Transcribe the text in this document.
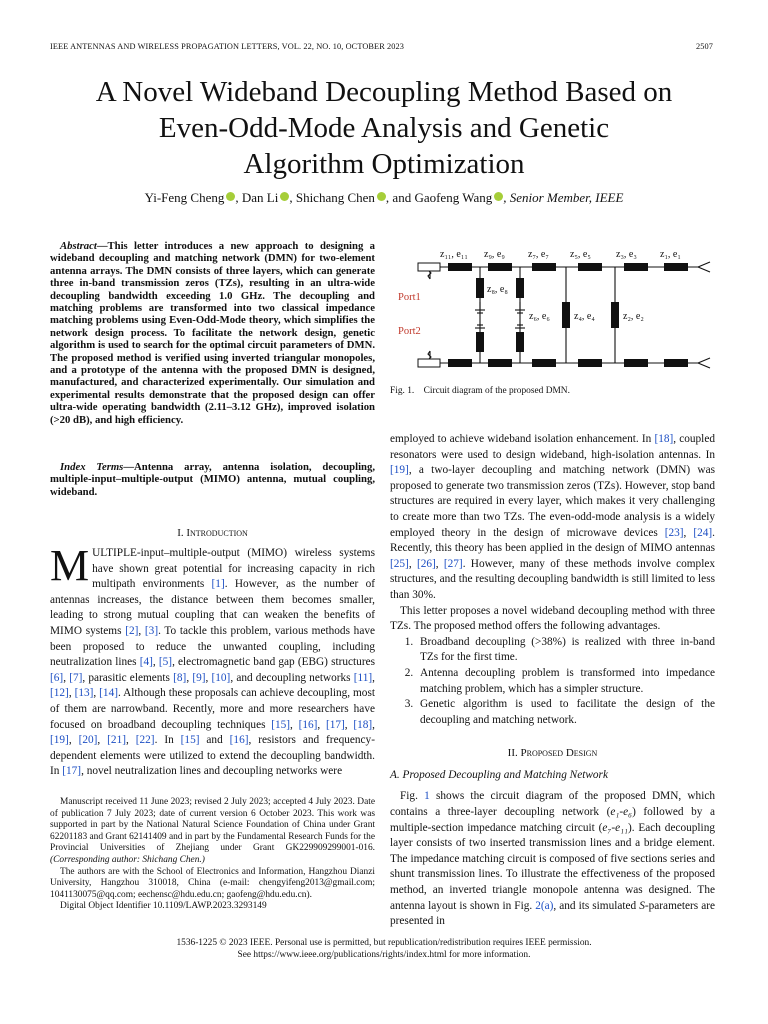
IEEE ANTENNAS AND WIRELESS PROPAGATION LETTERS, VOL. 22, NO. 10, OCTOBER 2023	2507
A Novel Wideband Decoupling Method Based on
Even-Odd-Mode Analysis and Genetic
Algorithm Optimization
Yi-Feng Cheng , Dan Li , Shichang Chen , and Gaofeng Wang , Senior Member, IEEE
Abstract—This letter introduces a new approach to designing a wideband decoupling and matching network (DMN) for two-element antenna arrays. The DMN consists of three layers, which can generate three in-band transmission zeros (TZs), resulting in an ultra-wide decoupling bandwidth exceeding 1.0 GHz. The decoupling and matching problems are transformed into two classical impedance matching problems using Even-Odd-Mode theory, which simplifies the network design process. To facilitate the network design, genetic algorithm is used to search for the optimal circuit parameters of DMN. The proposed method is verified using inverted triangular monopoles, and a prototype of the antenna with the proposed DMN is designed, manufactured, and characterized experimentally. Our simulation and experimental results demonstrate that the proposed design can offer ultra-wide operating bandwidth (2.11–3.12 GHz), improved isolation (>20 dB), and high efficiency.
Index Terms—Antenna array, antenna isolation, decoupling, multiple-input–multiple-output (MIMO) antenna, mutual coupling, wideband.
I. Introduction
MULTIPLE-input–multiple-output (MIMO) wireless systems have shown great potential for increasing capacity in rich multipath environments [1]. However, as the number of antennas increases, the distance between them becomes smaller, leading to strong mutual coupling that can weaken the benefits of MIMO systems [2], [3]. To tackle this problem, various methods have been proposed to reduce the unwanted coupling, including neutralization lines [4], [5], electromagnetic band gap (EBG) structures [6], [7], parasitic elements [8], [9], [10], and decoupling networks [11], [12], [13], [14]. Although these proposals can achieve decoupling, most of them are narrowband. Recently, more and more researchers have focused on broadband decoupling techniques [15], [16], [17], [18], [19], [20], [21], [22]. In [15] and [16], resistors and frequency-dependent elements were utilized to extend the decoupling bandwidth. In [17], novel neutralization lines and decoupling networks were
Manuscript received 11 June 2023; revised 2 July 2023; accepted 4 July 2023. Date of publication 7 July 2023; date of current version 6 October 2023. This work was supported in part by the National Natural Science Foundation of China under Grant 62201183 and Grant 62141409 and in part by the Fundamental Research Funds for the Provincial Universities of Zhejiang under Grant GK229909299001-016. (Corresponding author: Shichang Chen.)
The authors are with the School of Electronics and Information, Hangzhou Dianzi University, Hangzhou 310018, China (e-mail: chengyifeng2013@gmail.com; 1041130075@qq.com; eechensc@hdu.edu.cn; gaofeng@hdu.edu.cn).
Digital Object Identifier 10.1109/LAWP.2023.3293149
Port1
Port2
z₁₁, e₁₁ z₉, e₉ z₇, e₇ z₅, e₅	z₃, e₃ z₁, e₁
z₈, e₈
z₆, e₆ z₄, e₄	z₂, e₂
Fig. 1.    Circuit diagram of the proposed DMN.
employed to achieve wideband isolation enhancement. In [18], coupled resonators were used to design wideband, high-isolation antennas. In [19], a two-layer decoupling and matching network (DMN) was proposed to generate two transmission zeros (TZs). However, stop band structures are required in every layer, which makes it very challenging to create more than two TZs. The even-odd-mode analysis is a widely employed theory in the design of microwave devices [23], [24]. Recently, this theory has been applied in the design of MIMO antennas [25], [26], [27]. However, many of these methods involve complex structures, and the resulting decoupling bandwidth is still limited to less than 30%.
This letter proposes a novel wideband decoupling method with three TZs. The proposed method offers the following advantages.
1. Broadband decoupling (>38%) is realized with three in-band TZs for the first time.
2. Antenna decoupling problem is transformed into impedance matching problem, which has a simpler structure.
3. Genetic algorithm is used to facilitate the design of the decoupling and matching network.
II. Proposed Design
A. Proposed Decoupling and Matching Network
Fig. 1 shows the circuit diagram of the proposed DMN, which contains a three-layer decoupling network (e₁-e₆) followed by a multiple-section impedance matching circuit (e₇-e₁₁). Each decoupling layer consists of two inserted transmission lines and a bridge element. The impedance matching circuit is composed of five sections series and shunt transmission lines. To illustrate the effectiveness of the proposed method, an inverted triangle monopole antenna was designed. The antenna layout is shown in Fig. 2(a), and its simulated S-parameters are presented in
1536-1225 © 2023 IEEE. Personal use is permitted, but republication/redistribution requires IEEE permission.
See https://www.ieee.org/publications/rights/index.html for more information.
